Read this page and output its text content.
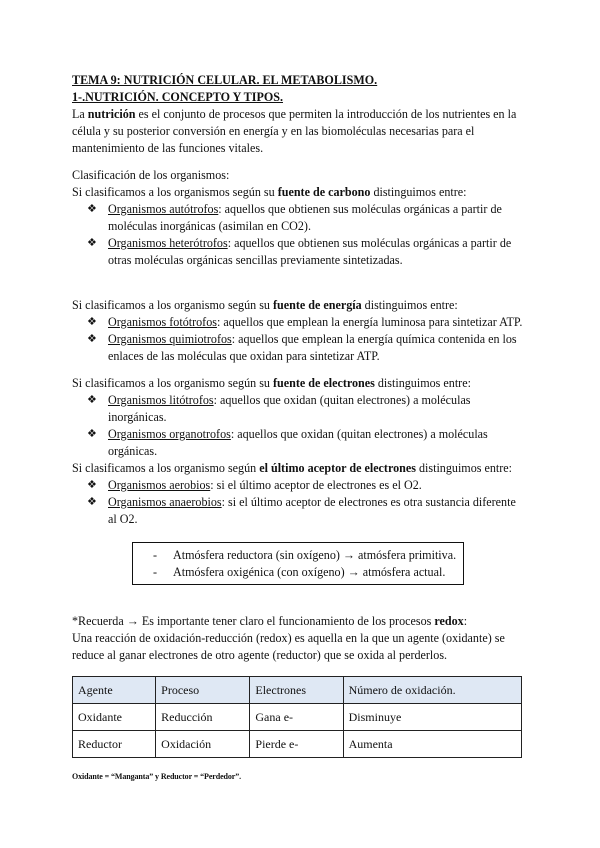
TEMA 9: NUTRICIÓN CELULAR. EL METABOLISMO.
1-.NUTRICIÓN. CONCEPTO Y TIPOS.

La nutrición es el conjunto de procesos que permiten la introducción de los nutrientes en la célula y su posterior conversión en energía y en las biomoléculas necesarias para el mantenimiento de las funciones vitales.

Clasificación de los organismos:

Si clasificamos a los organismos según su fuente de carbono distinguimos entre:

❖ Organismos autótrofos: aquellos que obtienen sus moléculas orgánicas a partir de moléculas inorgánicas (asimilan en CO2).
❖ Organismos heterótrofos: aquellos que obtienen sus moléculas orgánicas a partir de otras moléculas orgánicas sencillas previamente sintetizadas.

Si clasificamos a los organismo según su fuente de energía distinguimos entre:

❖ Organismos fotótrofos: aquellos que emplean la energía luminosa para sintetizar ATP.
❖ Organismos quimiotrofos: aquellos que emplean la energía química contenida en los enlaces de las moléculas que oxidan para sintetizar ATP.

Si clasificamos a los organismo según su fuente de electrones distinguimos entre:

❖ Organismos litótrofos: aquellos que oxidan (quitan electrones) a moléculas inorgánicas.
❖ Organismos organotrofos: aquellos que oxidan (quitan electrones) a moléculas orgánicas.

Si clasificamos a los organismo según el último aceptor de electrones distinguimos entre:

❖ Organismos aerobios: si el último aceptor de electrones es el O2.
❖ Organismos anaerobios: si el último aceptor de electrones es otra sustancia diferente al O2.
- Atmósfera reductora (sin oxígeno) → atmósfera primitiva.
- Atmósfera oxigénica (con oxígeno) → atmósfera actual.

*Recuerda → Es importante tener claro el funcionamiento de los procesos redox:

Una reacción de oxidación-reducción (redox) es aquella en la que un agente (oxidante) se reduce al ganar electrones de otro agente (reductor) que se oxida al perderlos.

Agente	Proceso	Electrones	Número de oxidación.
Oxidante	Reducción	Gana e-	Disminuye
Reductor	Oxidación	Pierde e-	Aumenta
Oxidante = “Manganta” y Reductor = “Perdedor”.
